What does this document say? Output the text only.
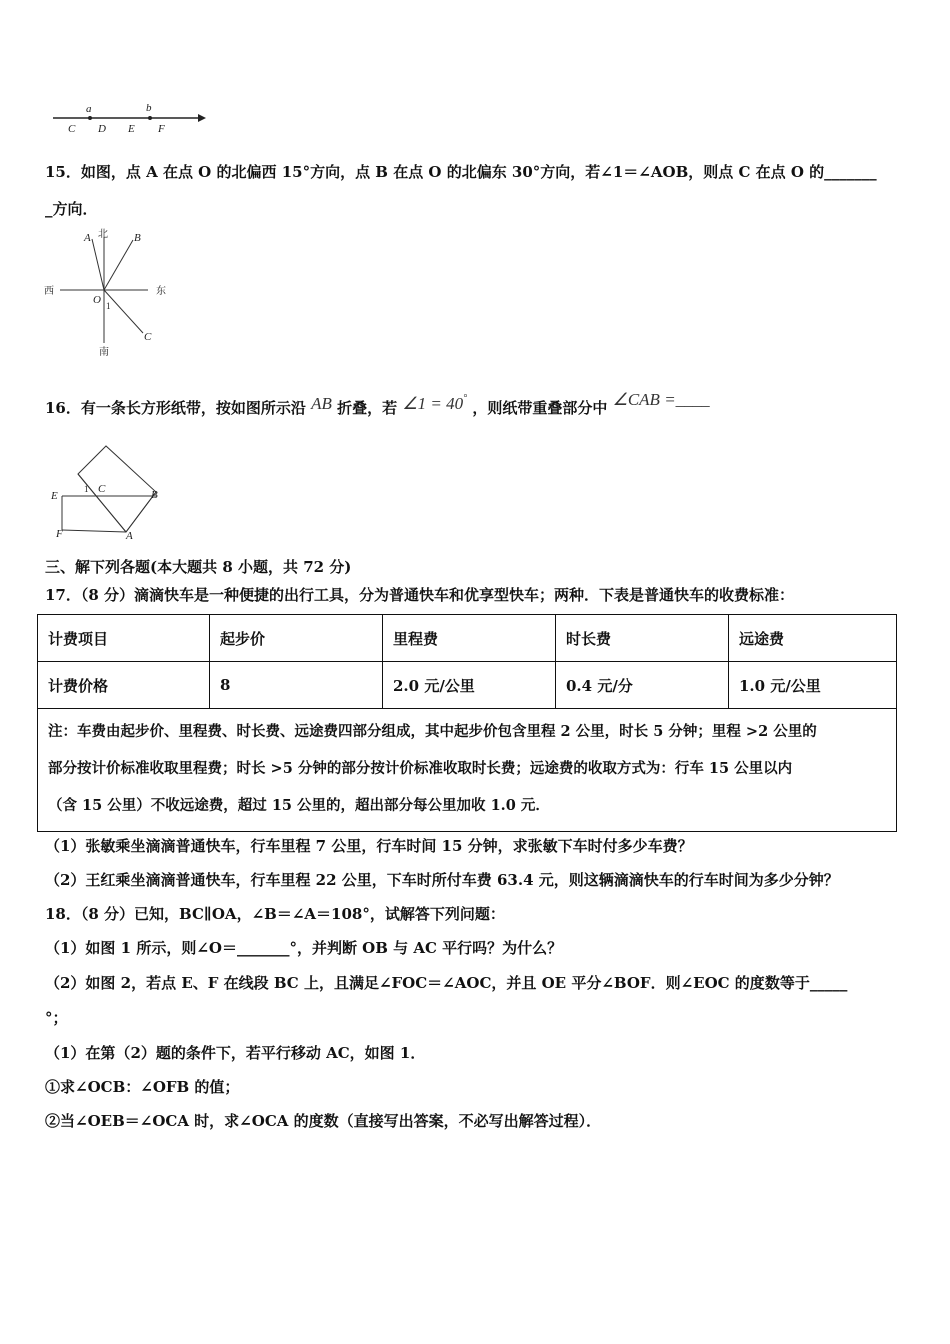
a	b
C D E F
15．如图，点 A 在点 O 的北偏西 15°方向，点 B 在点 O 的北偏东 30°方向，若∠1＝∠AOB，则点 C 在点 O 的_______
_方向．
北
南
西	东
A	B
O 1
C
16．有一条长方形纸带，按如图所示沿 AB 折叠，若 ∠1 = 40° ，则纸带重叠部分中 ∠CAB =____
E
1 C	B
F	A
三、解下列各题(本大题共 8 小题，共 72 分)
17．（8 分）滴滴快车是一种便捷的出行工具，分为普通快车和优享型快车；两种．下表是普通快车的收费标准：
计费项目	起步价	里程费	时长费	远途费
计费价格	8	2.0 元/公里	0.4 元/分	1.0 元/公里
注：车费由起步价、里程费、时长费、远途费四部分组成，其中起步价包含里程 2 公里，时长 5 分钟；里程 >2 公里的
部分按计价标准收取里程费；时长 >5 分钟的部分按计价标准收取时长费；远途费的收取方式为：行车 15 公里以内
（含 15 公里）不收远途费，超过 15 公里的，超出部分每公里加收 1.0 元．
（1）张敏乘坐滴滴普通快车，行车里程 7 公里，行车时间 15 分钟，求张敏下车时付多少车费？
（2）王红乘坐滴滴普通快车，行车里程 22 公里，下车时所付车费 63.4 元，则这辆滴滴快车的行车时间为多少分钟？
18．（8 分）已知，BC∥OA，∠B＝∠A＝108°，试解答下列问题：
（1）如图 1 所示，则∠O＝_______°，并判断 OB 与 AC 平行吗？为什么？
（2）如图 2，若点 E、F 在线段 BC 上，且满足∠FOC＝∠AOC，并且 OE 平分∠BOF．则∠EOC 的度数等于_____
°；
（1）在第（2）题的条件下，若平行移动 AC，如图 1．
①求∠OCB：∠OFB 的值；
②当∠OEB＝∠OCA 时，求∠OCA 的度数（直接写出答案，不必写出解答过程）．
